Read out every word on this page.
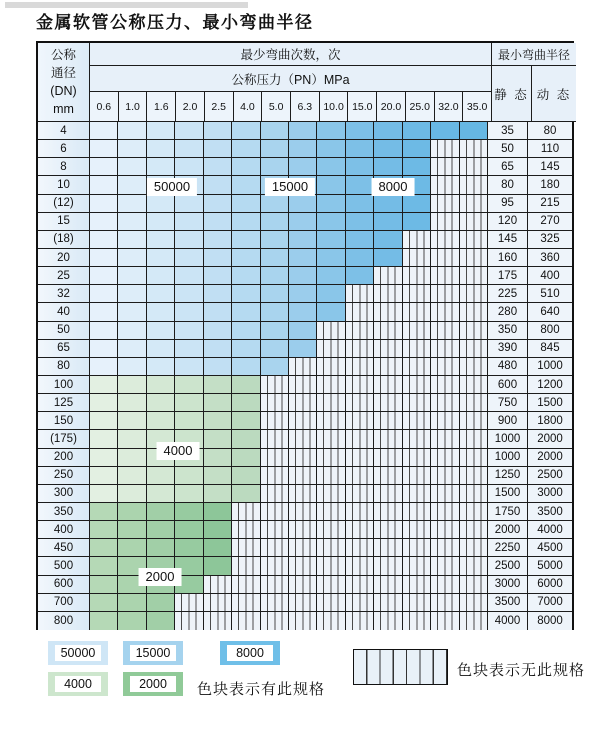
金属软管公称压力、最小弯曲半径
公称
通径
(DN)
mm
最少弯曲次数，次	最小弯曲半径
公称压力（PN）MPa
0.6	1.0	1.6	2.0	2.5	4.0	5.0	6.3	10.0 15.0 20.0 25.0 32.0 35.0
静 态 动 态
4	35	80
6	50	110
8	65	145
10	80	180
(12)	95	215
15	120	270
(18)	145	325
20	160	360
25	175	400
32	225	510
40	280	640
50	350	800
65	390	845
80	480	1000
100	600	1200
125	750	1500
150	900	1800
(175)	1000	2000
200	1000	2000
250	1250	2500
300	1500	3000
350	1750	3500
400	2000	4000
450	2250	4500
500	2500	5000
600	3000	6000
700	3500	7000
800	4000	8000
50000	15000	8000
4000
2000
50000	15000	8000
4000	2000	色块表示有此规格
色块表示无此规格
